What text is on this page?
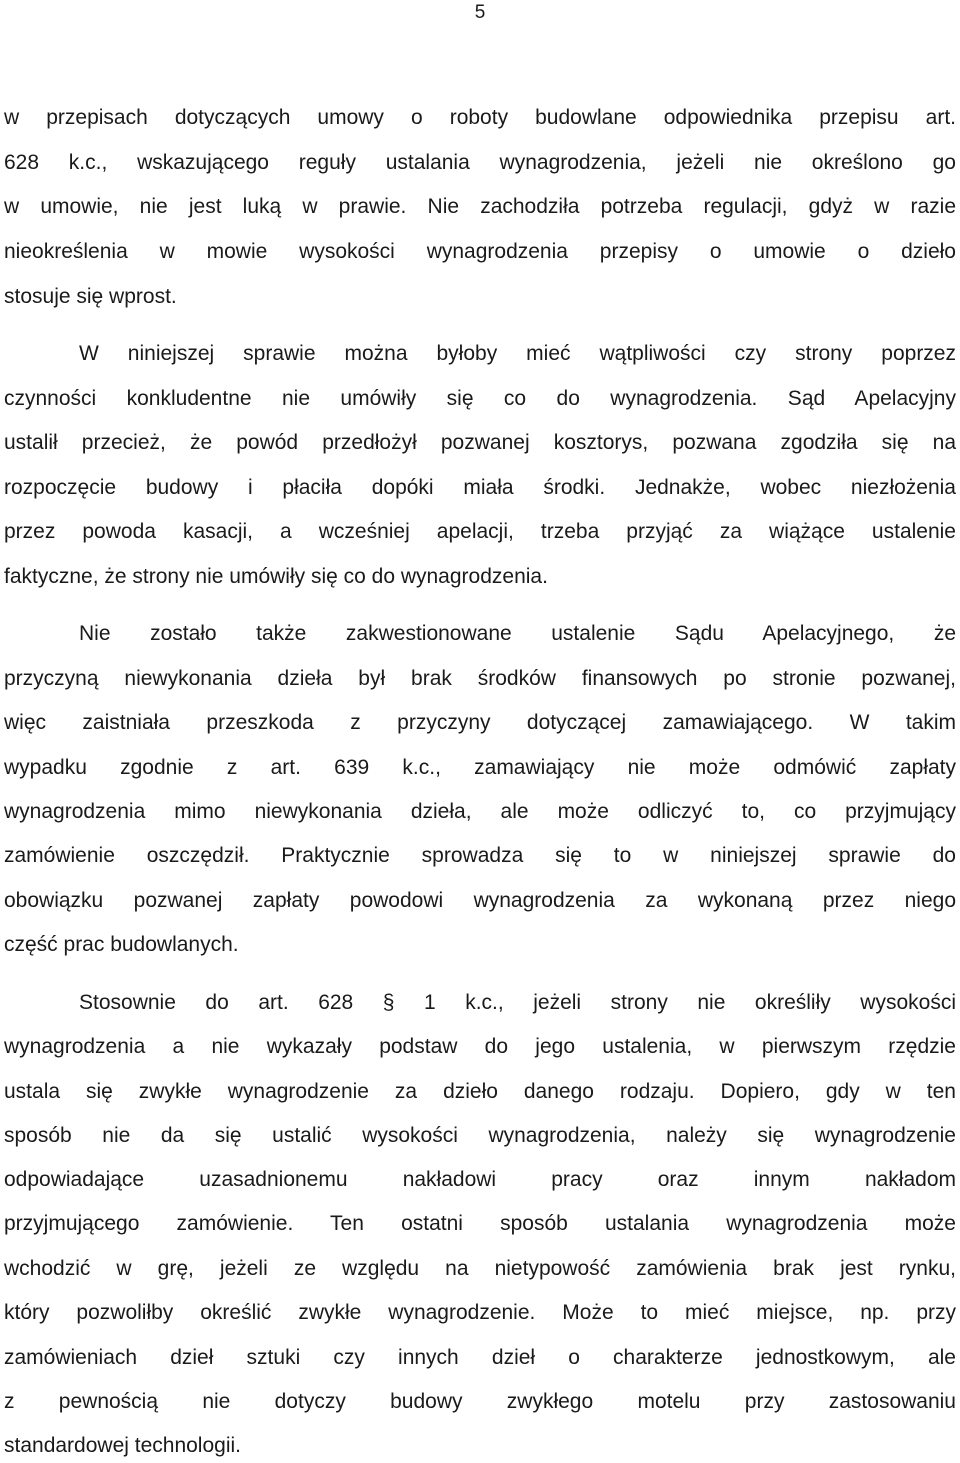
5
w przepisach dotyczących umowy o roboty budowlane odpowiednika przepisu art.
628 k.c., wskazującego reguły ustalania wynagrodzenia, jeżeli nie określono go
w umowie, nie jest luką w prawie. Nie zachodziła potrzeba regulacji, gdyż w razie
nieokreślenia w mowie wysokości wynagrodzenia przepisy o umowie o dzieło
stosuje się wprost.
W niniejszej sprawie można byłoby mieć wątpliwości czy strony poprzez
czynności konkludentne nie umówiły się co do wynagrodzenia. Sąd Apelacyjny
ustalił przecież, że powód przedłożył pozwanej kosztorys, pozwana zgodziła się na
rozpoczęcie budowy i płaciła dopóki miała środki. Jednakże, wobec niezłożenia
przez powoda kasacji, a wcześniej apelacji, trzeba przyjąć za wiążące ustalenie
faktyczne, że strony nie umówiły się co do wynagrodzenia.
Nie zostało także zakwestionowane ustalenie Sądu Apelacyjnego, że
przyczyną niewykonania dzieła był brak środków finansowych po stronie pozwanej,
więc zaistniała przeszkoda z przyczyny dotyczącej zamawiającego. W takim
wypadku zgodnie z art. 639 k.c., zamawiający nie może odmówić zapłaty
wynagrodzenia mimo niewykonania dzieła, ale może odliczyć to, co przyjmujący
zamówienie oszczędził. Praktycznie sprowadza się to w niniejszej sprawie do
obowiązku pozwanej zapłaty powodowi wynagrodzenia za wykonaną przez niego
część prac budowlanych.
Stosownie do art. 628 § 1 k.c., jeżeli strony nie określiły wysokości
wynagrodzenia a nie wykazały podstaw do jego ustalenia, w pierwszym rzędzie
ustala się zwykłe wynagrodzenie za dzieło danego rodzaju. Dopiero, gdy w ten
sposób nie da się ustalić wysokości wynagrodzenia, należy się wynagrodzenie
odpowiadające uzasadnionemu nakładowi pracy oraz innym nakładom
przyjmującego zamówienie. Ten ostatni sposób ustalania wynagrodzenia może
wchodzić w grę, jeżeli ze względu na nietypowość zamówienia brak jest rynku,
który pozwoliłby określić zwykłe wynagrodzenie. Może to mieć miejsce, np. przy
zamówieniach dzieł sztuki czy innych dzieł o charakterze jednostkowym, ale
z pewnością nie dotyczy budowy zwykłego motelu przy zastosowaniu
standardowej technologii.
